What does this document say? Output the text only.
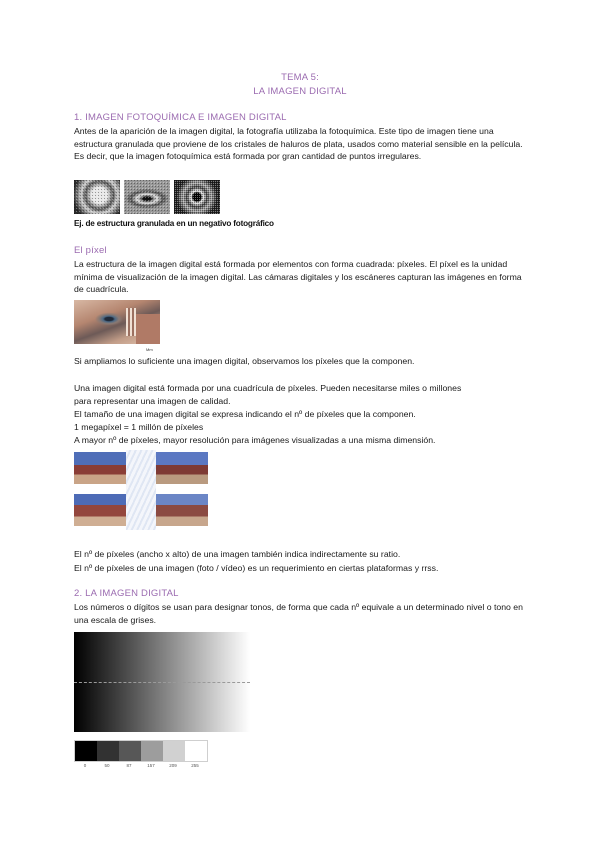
TEMA 5:
LA IMAGEN DIGITAL
1. IMAGEN FOTOQUÍMICA E IMAGEN DIGITAL
Antes de la aparición de la imagen digital, la fotografía utilizaba la fotoquímica. Este tipo de imagen tiene una estructura granulada que proviene de los cristales de haluros de plata, usados como material sensible en la película. Es decir, que la imagen fotoquímica está formada por gran cantidad de puntos irregulares.
Ej. de estructura granulada en un negativo fotográfico
El píxel
La estructura de la imagen digital está formada por elementos con forma cuadrada: píxeles. El píxel es la unidad mínima de visualización de la imagen digital. Las cámaras digitales y los escáneres capturan las imágenes en forma de cuadrícula.
Mm
Si ampliamos lo suficiente una imagen digital, observamos los píxeles que la componen.
Una imagen digital está formada por una cuadrícula de píxeles. Pueden necesitarse miles o millones
para representar una imagen de calidad.
El tamaño de una imagen digital se expresa indicando el nº de píxeles que la componen.
1 megapíxel = 1 millón de píxeles
A mayor nº de píxeles, mayor resolución para imágenes visualizadas a una misma dimensión.
El nº de píxeles (ancho x alto) de una imagen también indica indirectamente su ratio.
El nº de píxeles de una imagen (foto / vídeo) es un requerimiento en ciertas plataformas y rrss.
2. LA IMAGEN DIGITAL
Los números o dígitos se usan para designar tonos, de forma que cada nº equivale a un determinado nivel o tono en una escala de grises.
0	50	87	157	209	255
